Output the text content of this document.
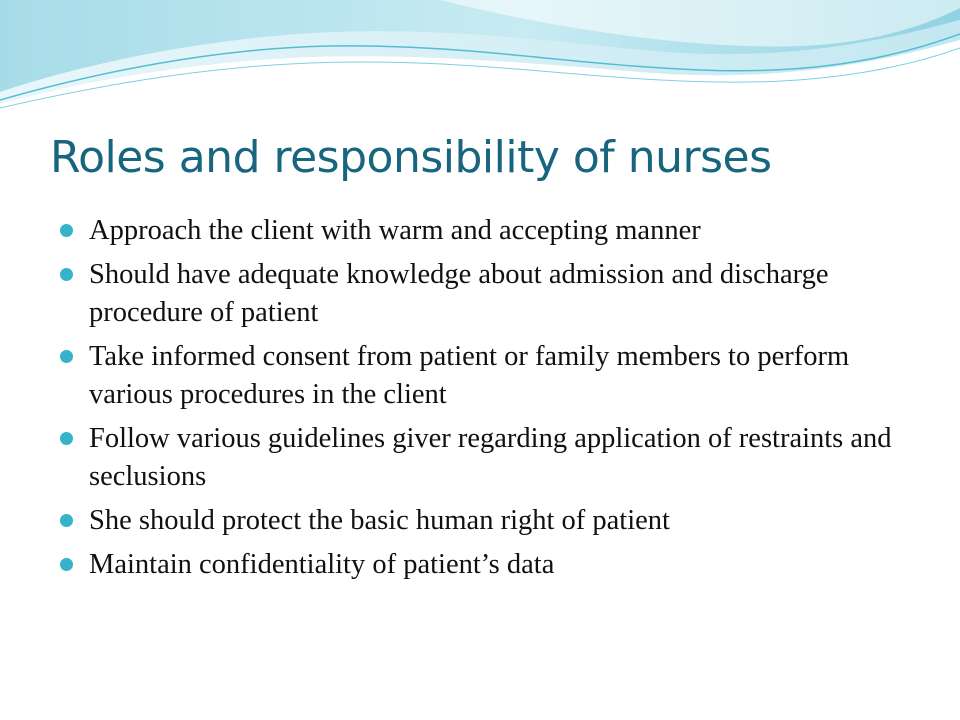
Roles and responsibility of nurses
Approach the client with warm and accepting manner
Should have adequate knowledge about admission and discharge procedure of patient
Take informed consent from patient or family members to perform various procedures in the client
Follow various guidelines giver regarding application of restraints and seclusions
She should protect the basic human right of patient
Maintain confidentiality of patient’s data
